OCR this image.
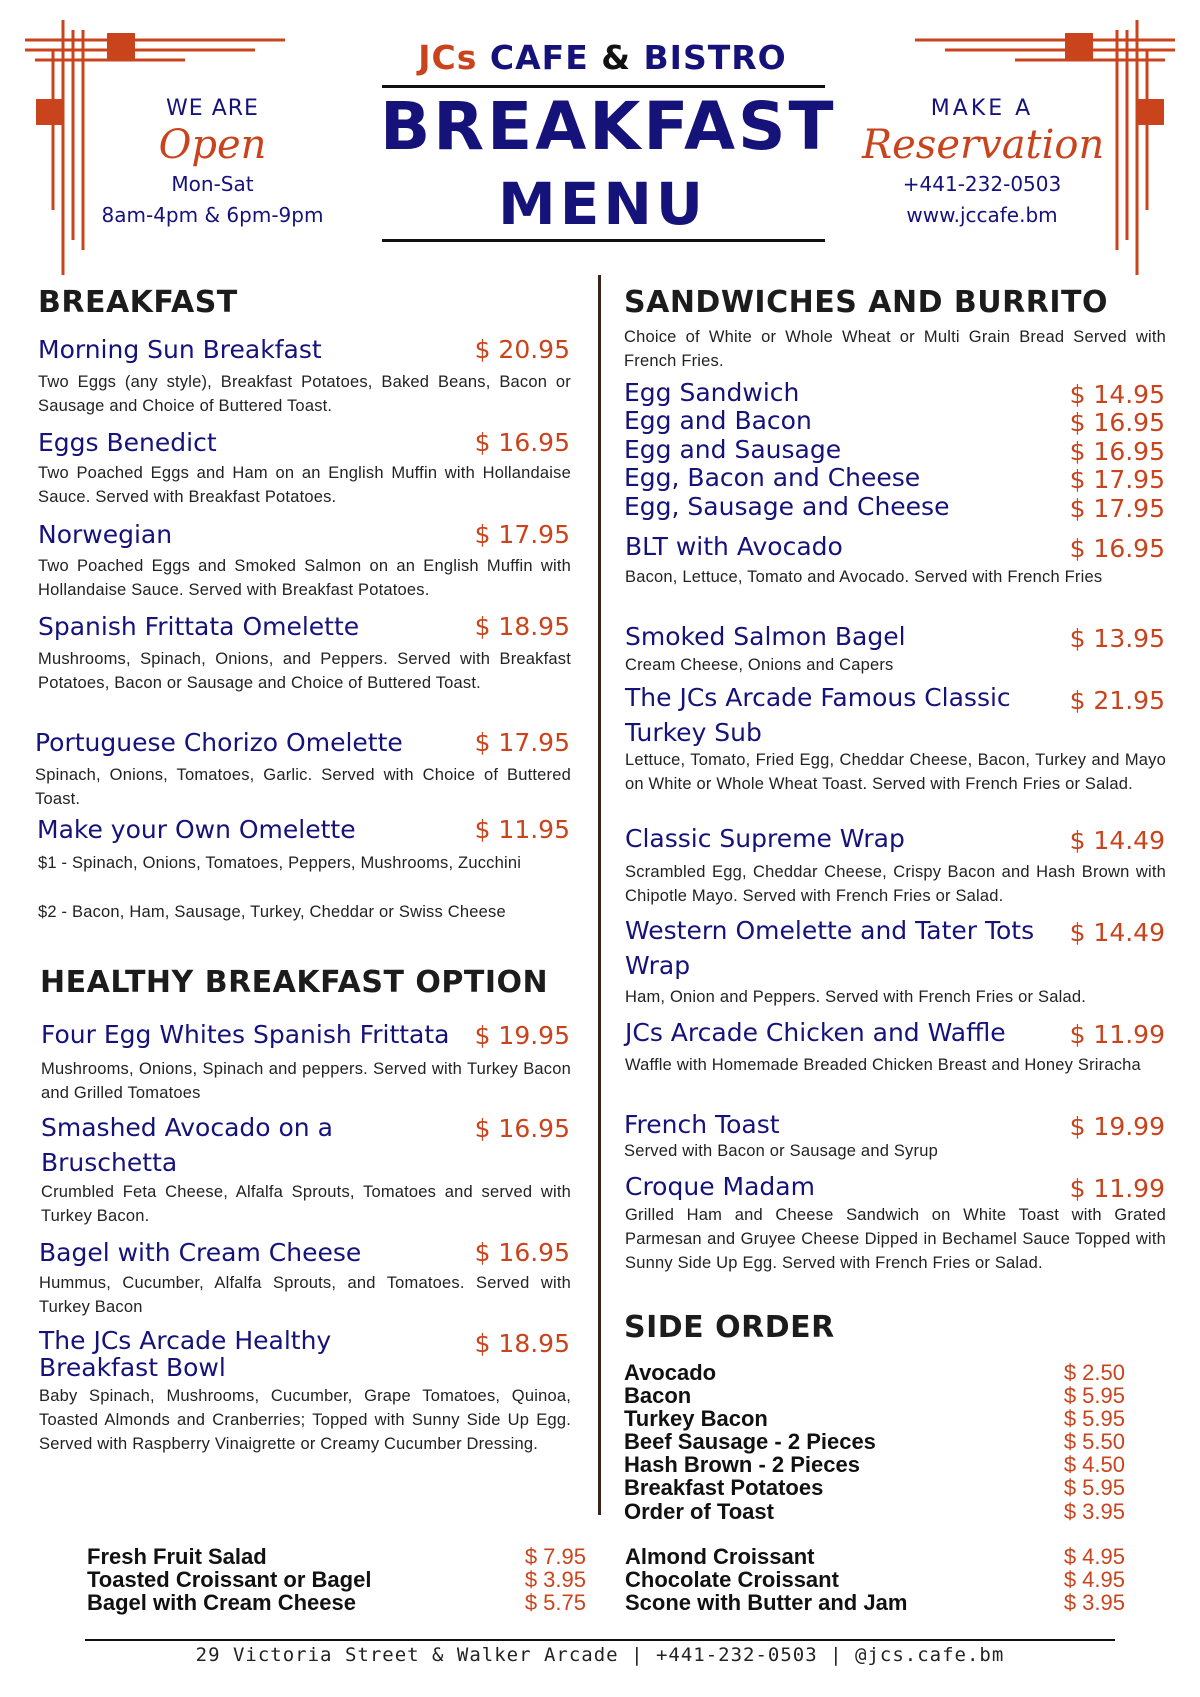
JCs CAFE & BISTRO
BREAKFAST
MENU
WE ARE
Open
Mon-Sat
8am-4pm & 6pm-9pm
MAKE A
Reservation
+441-232-0503
www.jccafe.bm
BREAKFAST
Morning Sun Breakfast	$ 20.95
Two Eggs (any style), Breakfast Potatoes, Baked Beans, Bacon or Sausage and Choice of Buttered Toast.
Eggs Benedict	$ 16.95
Two Poached Eggs and Ham on an English Muffin with Hollandaise Sauce. Served with Breakfast Potatoes.
Norwegian	$ 17.95
Two Poached Eggs and Smoked Salmon on an English Muffin with Hollandaise Sauce. Served with Breakfast Potatoes.
Spanish Frittata Omelette	$ 18.95
Mushrooms, Spinach, Onions, and Peppers. Served with Breakfast Potatoes, Bacon or Sausage and Choice of Buttered Toast.
Portuguese Chorizo Omelette	$ 17.95
Spinach, Onions, Tomatoes, Garlic. Served with Choice of Buttered Toast.
Make your Own Omelette	$ 11.95
$1 - Spinach, Onions, Tomatoes, Peppers, Mushrooms, Zucchini
$2 - Bacon, Ham, Sausage, Turkey, Cheddar or Swiss Cheese
HEALTHY BREAKFAST OPTION
Four Egg Whites Spanish Frittata	$ 19.95
Mushrooms, Onions, Spinach and peppers. Served with Turkey Bacon and Grilled Tomatoes
Smashed Avocado on a
Bruschetta
$ 16.95
Crumbled Feta Cheese, Alfalfa Sprouts, Tomatoes and served with Turkey Bacon.
Bagel with Cream Cheese	$ 16.95
Hummus, Cucumber, Alfalfa Sprouts, and Tomatoes. Served with Turkey Bacon
The JCs Arcade Healthy
Breakfast Bowl
$ 18.95
Baby Spinach, Mushrooms, Cucumber, Grape Tomatoes, Quinoa, Toasted Almonds and Cranberries; Topped with Sunny Side Up Egg. Served with Raspberry Vinaigrette or Creamy Cucumber Dressing.
Fresh Fruit Salad	$ 7.95
Toasted Croissant or Bagel	$ 3.95
Bagel with Cream Cheese	$ 5.75
SANDWICHES AND BURRITO
Choice of White or Whole Wheat or Multi Grain Bread Served with French Fries.
Egg Sandwich	$ 14.95
Egg and Bacon	$ 16.95
Egg and Sausage	$ 16.95
Egg, Bacon and Cheese	$ 17.95
Egg, Sausage and Cheese	$ 17.95
BLT with Avocado	$ 16.95
Bacon, Lettuce, Tomato and Avocado. Served with French Fries
Smoked Salmon Bagel	$ 13.95
Cream Cheese, Onions and Capers
The JCs Arcade Famous Classic
Turkey Sub
$ 21.95
Lettuce, Tomato, Fried Egg, Cheddar Cheese, Bacon, Turkey and Mayo on White or Whole Wheat Toast. Served with French Fries or Salad.
Classic Supreme Wrap	$ 14.49
Scrambled Egg, Cheddar Cheese, Crispy Bacon and Hash Brown with Chipotle Mayo. Served with French Fries or Salad.
Western Omelette and Tater Tots
Wrap
$ 14.49
Ham, Onion and Peppers. Served with French Fries or Salad.
JCs Arcade Chicken and Waffle	$ 11.99
Waffle with Homemade Breaded Chicken Breast and Honey Sriracha
French Toast	$ 19.99
Served with Bacon or Sausage and Syrup
Croque Madam	$ 11.99
Grilled Ham and Cheese Sandwich on White Toast with Grated Parmesan and Gruyee Cheese Dipped in Bechamel Sauce Topped with Sunny Side Up Egg. Served with French Fries or Salad.
SIDE ORDER
Avocado	$ 2.50
Bacon	$ 5.95
Turkey Bacon	$ 5.95
Beef Sausage - 2 Pieces	$ 5.50
Hash Brown - 2 Pieces	$ 4.50
Breakfast Potatoes	$ 5.95
Order of Toast	$ 3.95
Almond Croissant	$ 4.95
Chocolate Croissant	$ 4.95
Scone with Butter and Jam	$ 3.95
29 Victoria Street & Walker Arcade | +441-232-0503 | @jcs.cafe.bm
